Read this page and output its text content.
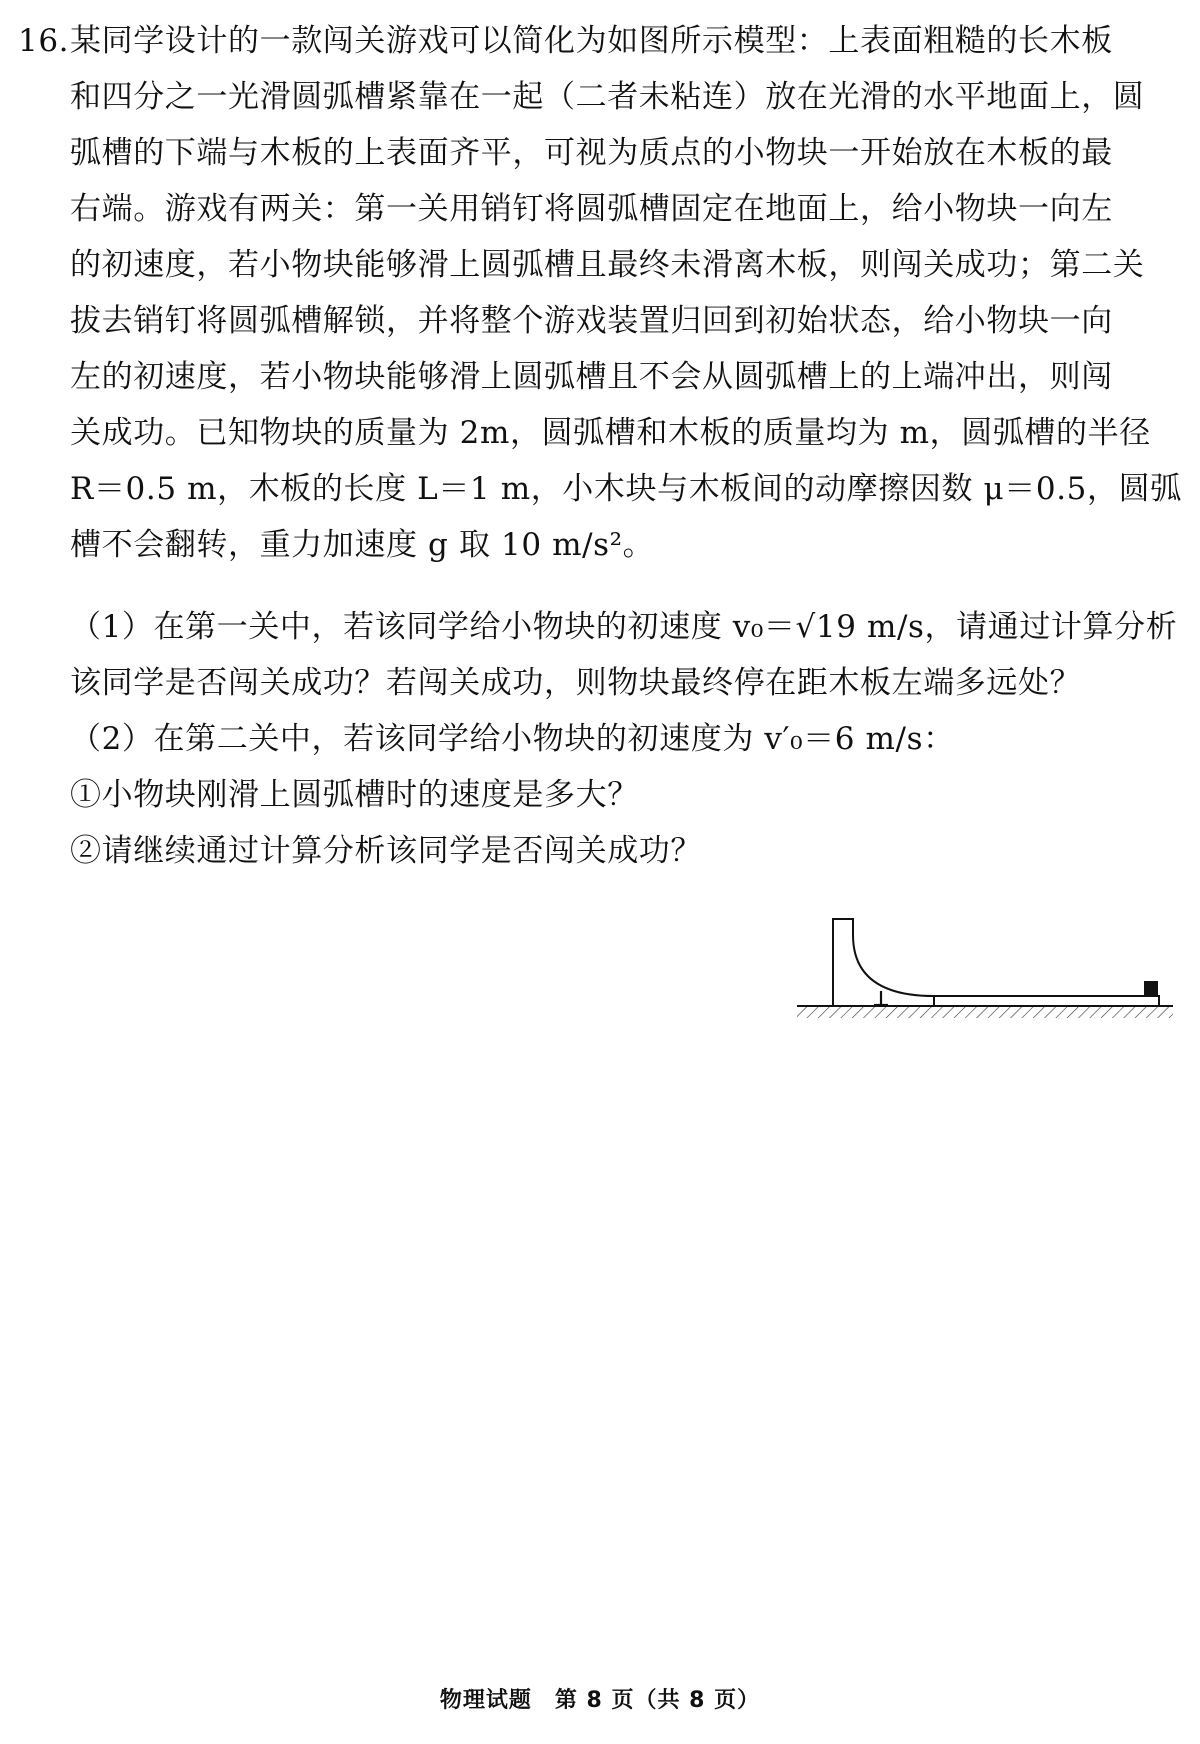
16. 某同学设计的一款闯关游戏可以简化为如图所示模型：上表面粗糙的长木板
和四分之一光滑圆弧槽紧靠在一起（二者未粘连）放在光滑的水平地面上，圆
弧槽的下端与木板的上表面齐平，可视为质点的小物块一开始放在木板的最
右端。游戏有两关：第一关用销钉将圆弧槽固定在地面上，给小物块一向左
的初速度，若小物块能够滑上圆弧槽且最终未滑离木板，则闯关成功；第二关
拔去销钉将圆弧槽解锁，并将整个游戏装置归回到初始状态，给小物块一向
左的初速度，若小物块能够滑上圆弧槽且不会从圆弧槽上的上端冲出，则闯
关成功。已知物块的质量为 2m，圆弧槽和木板的质量均为 m，圆弧槽的半径
R＝0.5 m，木板的长度 L＝1 m，小木块与木板间的动摩擦因数 μ＝0.5，圆弧
槽不会翻转，重力加速度 g 取 10 m/s²。
（1）在第一关中，若该同学给小物块的初速度 v₀＝√19 m/s，请通过计算分析
该同学是否闯关成功？若闯关成功，则物块最终停在距木板左端多远处？
（2）在第二关中，若该同学给小物块的初速度为 v′₀＝6 m/s：
①小物块刚滑上圆弧槽时的速度是多大？
②请继续通过计算分析该同学是否闯关成功？
物理试题　第 8 页（共 8 页）
